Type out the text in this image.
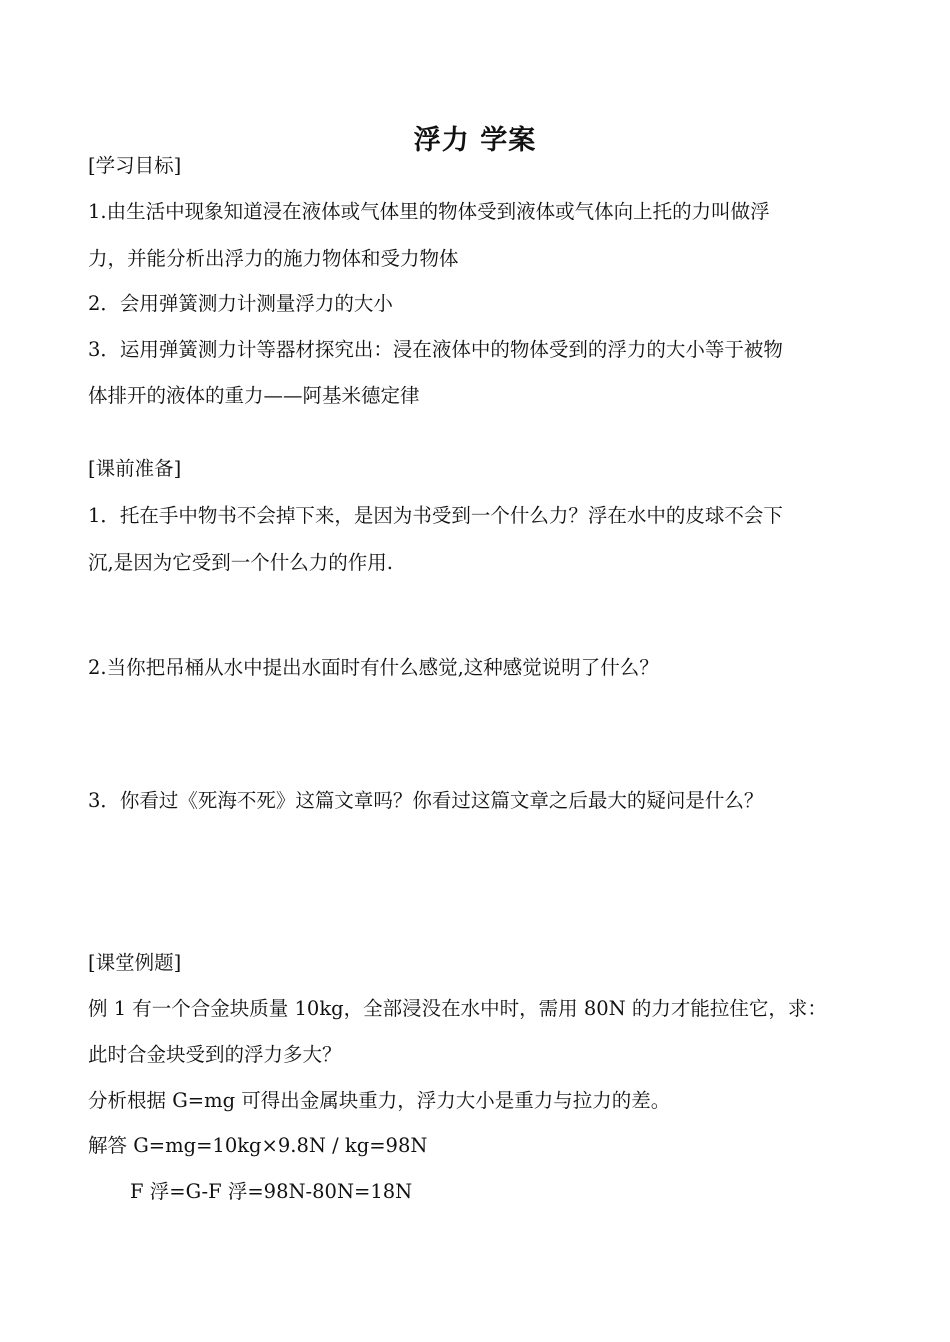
浮力 学案
[学习目标]
1.由生活中现象知道浸在液体或气体里的物体受到液体或气体向上托的力叫做浮
力，并能分析出浮力的施力物体和受力物体
2．会用弹簧测力计测量浮力的大小
3．运用弹簧测力计等器材探究出：浸在液体中的物体受到的浮力的大小等于被物
体排开的液体的重力——阿基米德定律
[课前准备]
1．托在手中物书不会掉下来，是因为书受到一个什么力？浮在水中的皮球不会下
沉,是因为它受到一个什么力的作用.
2.当你把吊桶从水中提出水面时有什么感觉,这种感觉说明了什么？
3．你看过《死海不死》这篇文章吗？你看过这篇文章之后最大的疑问是什么？
[课堂例题]
例 1 有一个合金块质量 10kg，全部浸没在水中时，需用 80N 的力才能拉住它，求：
此时合金块受到的浮力多大？
分析根据 G=mg 可得出金属块重力，浮力大小是重力与拉力的差。
解答 G=mg=10kg×9.8N / kg=98N
F 浮=G-F 浮=98N-80N=18N
